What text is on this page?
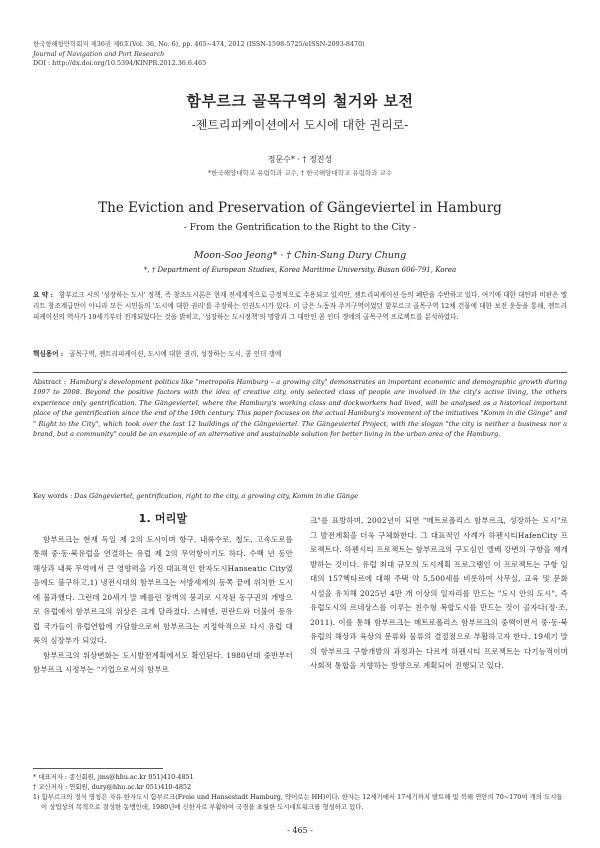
한국항해항만학회지 제36권 제6호(Vol. 36, No. 6), pp. 465~474, 2012 (ISSN-1598-5725/eISSN-2093-8470)
Journal of Navigation and Port Research
DOI : http://dx.doi.org/10.5394/KINPR.2012.36.6.465
함부르크 골목구역의 철거와 보전
-젠트리피케이션에서 도시에 대한 권리로-
정문수* · † 정진성
*한국해양대학교 유럽학과 교수, † 한국해양대학교 유럽학과 교수
The Eviction and Preservation of Gängeviertel in Hamburg
- From the Gentrification to the Right to the City -
Moon-Soo Jeong* · † Chin-Sung Dury Chung
*, † Department of European Studies, Korea Maritime University, Busan 606-791, Korea
요 약 : 함부르크 시의 '성장하는 도시' 정책, 즉 창조도시론은 현재 전세계적으로 긍정적으로 수용되고 있지만, 젠트리피케이션 등의 폐단을 수반하고 있다. 여기에 대한 대안과 비판은 엘리트 창조계급만이 아니라 모든 시민들의 '도시에 대한 권리'를 주장하는 인권도시가 있다. 이 글은 노동자 주거구역이었던 함부르크 골목구역 12채 건물에 대한 보전 운동을 통해, 젠트리피케이션의 역사가 19세기부터 전개되었다는 것을 밝히고, '성장하는 도시정책'의 명암과 그 대안인 콤 인더 갱에의 골목구역 프로젝트를 분석하였다.
핵심용어 : 골목구역, 젠트리피케이션, 도시에 대한 권리, 성장하는 도시, 콤 인더 갱에
Abstract : Hamburg's development politics like "metropolis Hamburg – a growing city" demonstrates an important economic and demographic growth during 1997 to 2008. Beyond the positive factors with the idea of creative city, only selected class of people are involved in the city's active living, the others experience only gentrification. The Gängeviertel, where the Hamburg's working class and dockworkers had lived, will be analysed as a historical important place of the gentrification since the end of the 19th century. This paper focuses on the actual Hamburg's movement of the initiatives "Komm in die Gänge" and " Right to the City", which took over the last 12 buildings of the Gängeviertel. The Gängeviertel Project, with the slogan "the city is neither a business nor a brand, but a community" could be an example of an alternative and sustainable solution for better living in the urban area of the Hamburg.
Key words : Das Gängeviertel, gentrification, right to the city, a growing city, Komm in die Gänge
1. 머리말

함부르크는 현재 독일 제 2의 도시이며 항구, 내륙수로, 철도, 고속도로를 통해 중·동·북유럽을 연결하는 유럽 제 2의 무역항이기도 하다. 수백 년 동안 해상과 내륙 무역에서 큰 영향력을 가진 대표적인 한자도시Hanseatic City였음에도 불구하고,1) 냉전시대의 함부르크는 서방세계의 동쪽 끝에 위치한 도시에 불과했다. 그런데 20세기 말 베를린 장벽의 붕괴로 시작된 동구권의 개방으로 유럽에서 함부르크의 위상은 크게 달라졌다. 스웨덴, 핀란드와 더불어 동유럽 국가들이 유럽연합에 가담함으로써 함부르크는 지정학적으로 다시 유럽 대륙의 심장부가 되었다.

함부르크의 위상변화는 도시발전계획에서도 확인된다. 1980년대 중반부터 함부르크 시정부는 "기업으로서의 함부르

크"를 표방하며, 2002년이 되면 "메트로폴리스 함부르크, 성장하는 도시"로 그 발전계획을 더욱 구체화한다. 그 대표적인 사례가 하펜시티HafenCity 프로젝트다. 하펜시티 프로젝트는 함부르크의 구도심인 엘베 강변의 구항을 재개발하는 것이다. 유럽 최대 규모의 도시계획 프로그램인 이 프로젝트는 구항 일대의 157헥타르에 대해 주택 약 5,500세를 비롯하여 사무실, 교육 및 문화 시설을 유치해 2025년 4만 개 이상의 일자리를 만드는 "도시 안의 도시", 즉 유럽도시의 르네상스를 이루는 친수형 복합도시를 만드는 것이 골자다(정·조, 2011). 이를 통해 함부르크는 메트로폴리스 함부르크의 중핵이면서 중·동·북유럽의 해상과 육상의 문류와 물류의 결절점으로 부활하고자 한다. 19세기 말의 함부르크 구항개발의 과정과는 다르게 하펜시티 프로젝트는 다기능적이며 사회적 통합을 지향하는 방향으로 계획되어 진행되고 있다.

* 대표저자 : 종신회원, jms@hhu.ac.kr 051)410-4851
† 교신저자 : 연회원, dury@hhu.ac.kr 051)410-4852
1) 함부르크의 정식 명칭은 자유 한자도시 함부르크(Freie und Hansestadt Hamburg, 약어로는 HH)이다. 한자는 12세기에서 17세기까지 발트해 및 북해 연안의 70~170여 개의 도시들이 상업상의 목적으로 결성한 동맹인데, 1980년에 신한자로 부활하여 국경을 초월한 도시네트워크를 형성하고 있다.
- 465 -
